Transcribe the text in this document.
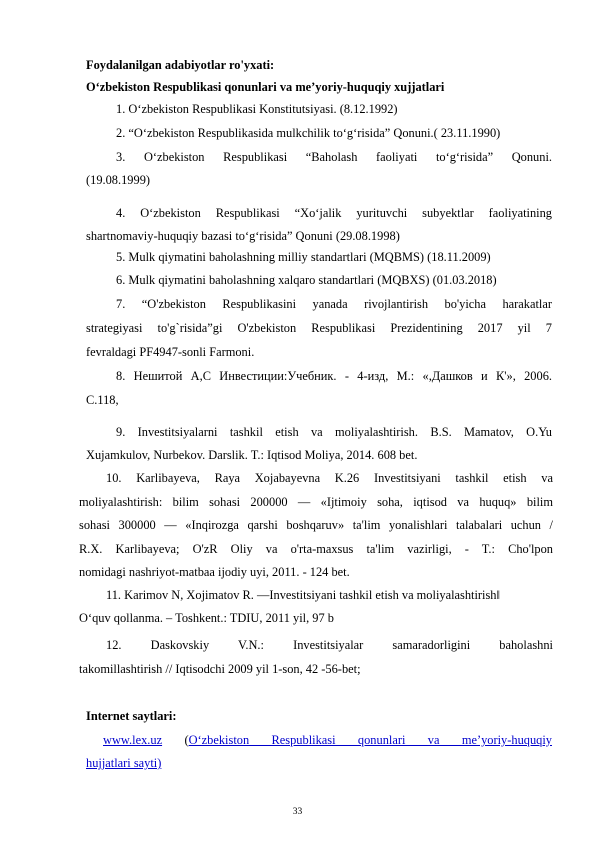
Foydalanilgan adabiyotlar ro'yxati:
O‘zbekiston Respublikasi qonunlari va me’yoriy-huquqiy xujjatlari
1. O‘zbekiston Respublikasi Konstitutsiyasi. (8.12.1992)
2. “O‘zbekiston Respublikasida mulkchilik to‘g‘risida” Qonuni.( 23.11.1990)
3. O‘zbekiston Respublikasi “Baholash faoliyati to‘g‘risida” Qonuni.
(19.08.1999)
4. O‘zbekiston Respublikasi “Xo‘jalik yurituvchi subyektlar faoliyatining
shartnomaviy-huquqiy bazasi to‘g‘risida” Qonuni (29.08.1998)
5. Mulk qiymatini baholashning milliy standartlari (MQBMS) (18.11.2009)
6. Mulk qiymatini baholashning xalqaro standartlari (MQBXS) (01.03.2018)
7. “O'zbekiston Respublikasini yanada rivojlantirish bo'yicha harakatlar
strategiyasi to'g`risida”gi O'zbekiston Respublikasi Prezidentining 2017 yil 7
fevraldagi PF4947-sonli Farmoni.
8. Нешитой А,С Инвестиции:Учебник. - 4-изд, М.: «,Дашков и К'», 2006.
С.118,
9. Investitsiyalarni tashkil etish va moliyalashtirish. B.S. Mamatov, O.Yu
Xujamkulov, Nurbekov. Darslik. T.: Iqtisod Moliya, 2014. 608 bet.
10. Karlibayeva, Raya Xojabayevna K.26 Investitsiyani tashkil etish va
moliyalashtirish: bilim sohasi 200000 — «Ijtimoiy soha, iqtisod va huquq» bilim
sohasi 300000 — «Inqirozga qarshi boshqaruv» ta'lim yonalishlari talabalari uchun /
R.X. Karlibayeva; O'zR Oliy va o'rta-maxsus ta'lim vazirligi, - T.: Cho'lpon
nomidagi nashriyot-matbaa ijodiy uyi, 2011. - 124 bet.
11. Karimov N, Xojimatov R. ―Investitsiyani tashkil etish va moliyalashtirish‖
O‘quv qollanma. – Toshkent.: TDIU, 2011 yil, 97 b
12. Daskovskiy V.N.: Investitsiyalar samaradorligini baholashni
takomillashtirish // Iqtisodchi 2009 yil 1-son, 42 -56-bet;
Internet saytlari:
www.lex.uz (O‘zbekiston Respublikasi qonunlari va me’yoriy-huquqiy
hujjatlari sayti)
33
